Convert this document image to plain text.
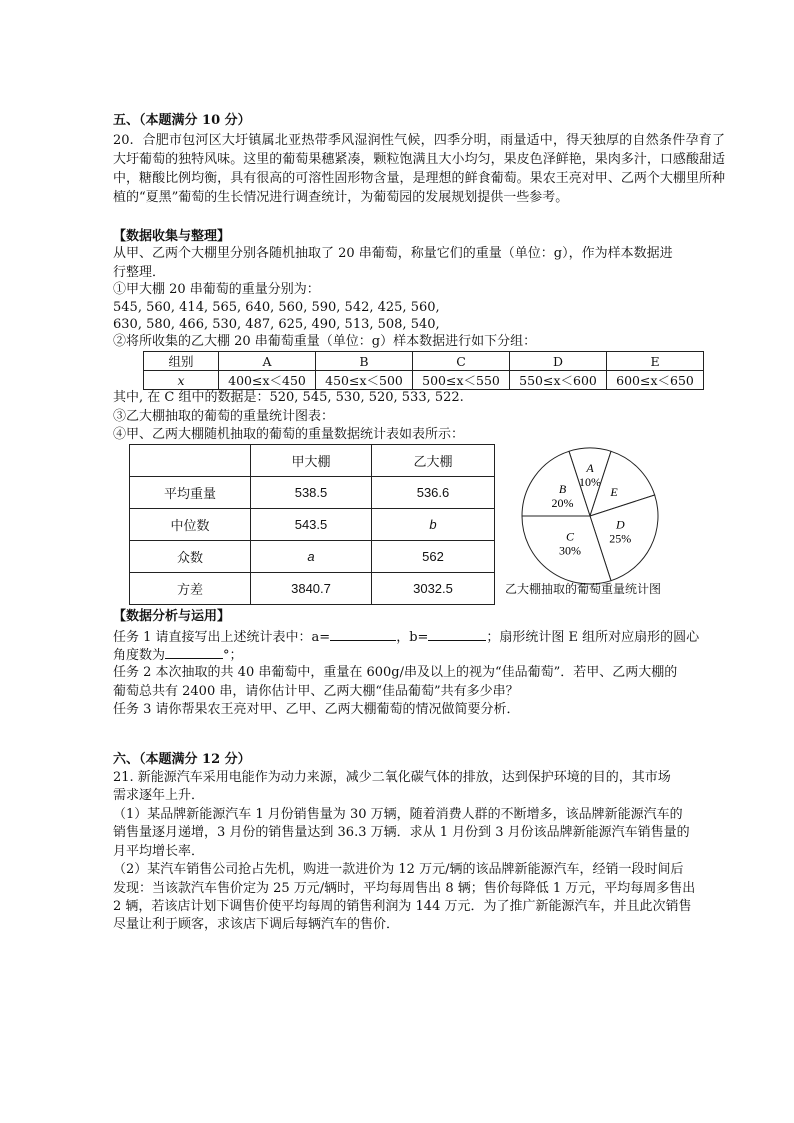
五、（本题满分 10 分）
20. 合肥市包河区大圩镇属北亚热带季风湿润性气候，四季分明，雨量适中，得天独厚的自然条件孕育了大圩葡萄的独特风味。这里的葡萄果穗紧凑，颗粒饱满且大小均匀，果皮色泽鲜艳，果肉多汁，口感酸甜适中，糖酸比例均衡，具有很高的可溶性固形物含量，是理想的鲜食葡萄。果农王亮对甲、乙两个大棚里所种植的“夏黑”葡萄的生长情况进行调查统计，为葡萄园的发展规划提供一些参考。
【数据收集与整理】
从甲、乙两个大棚里分别各随机抽取了 20 串葡萄，称量它们的重量（单位：g），作为样本数据进
行整理．
①甲大棚 20 串葡萄的重量分别为：
545, 560, 414, 565, 640, 560, 590, 542, 425, 560,
630, 580, 466, 530, 487, 625, 490, 513, 508, 540,
②将所收集的乙大棚 20 串葡萄重量（单位：g）样本数据进行如下分组：
组别	A	B	C	D	E
x	400≤x＜450	450≤x＜500	500≤x＜550	550≤x＜600	600≤x＜650
其中, 在 C 组中的数据是：520, 545, 530, 520, 533, 522.
③乙大棚抽取的葡萄的重量统计图表：
④甲、乙两大棚随机抽取的葡萄的重量数据统计表如表所示：
	甲大棚	乙大棚
平均重量	538.5	536.6
中位数	543.5	b
众数	a	562
方差	3840.7	3032.5
A
10%
E
D
25%
C
30%
B
20%
乙大棚抽取的葡萄重量统计图
【数据分析与运用】
任务 1 请直接写出上述统计表中：a=	，b=	；扇形统计图 E 组所对应扇形的圆心
角度数为	°；
任务 2 本次抽取的共 40 串葡萄中，重量在 600g/串及以上的视为“佳品葡萄”．若甲、乙两大棚的
葡萄总共有 2400 串，请你估计甲、乙两大棚“佳品葡萄”共有多少串？
任务 3 请你帮果农王亮对甲、乙甲、乙两大棚葡萄的情况做简要分析．
六、（本题满分 12 分）
21. 新能源汽车采用电能作为动力来源，减少二氧化碳气体的排放，达到保护环境的目的，其市场
需求逐年上升．
（1）某品牌新能源汽车 1 月份销售量为 30 万辆，随着消费人群的不断增多，该品牌新能源汽车的
销售量逐月递增，3 月份的销售量达到 36.3 万辆．求从 1 月份到 3 月份该品牌新能源汽车销售量的
月平均增长率．
（2）某汽车销售公司抢占先机，购进一款进价为 12 万元/辆的该品牌新能源汽车，经销一段时间后
发现：当该款汽车售价定为 25 万元/辆时，平均每周售出 8 辆；售价每降低 1 万元，平均每周多售出
2 辆，若该店计划下调售价使平均每周的销售利润为 144 万元．为了推广新能源汽车，并且此次销售
尽量让利于顾客，求该店下调后每辆汽车的售价．
